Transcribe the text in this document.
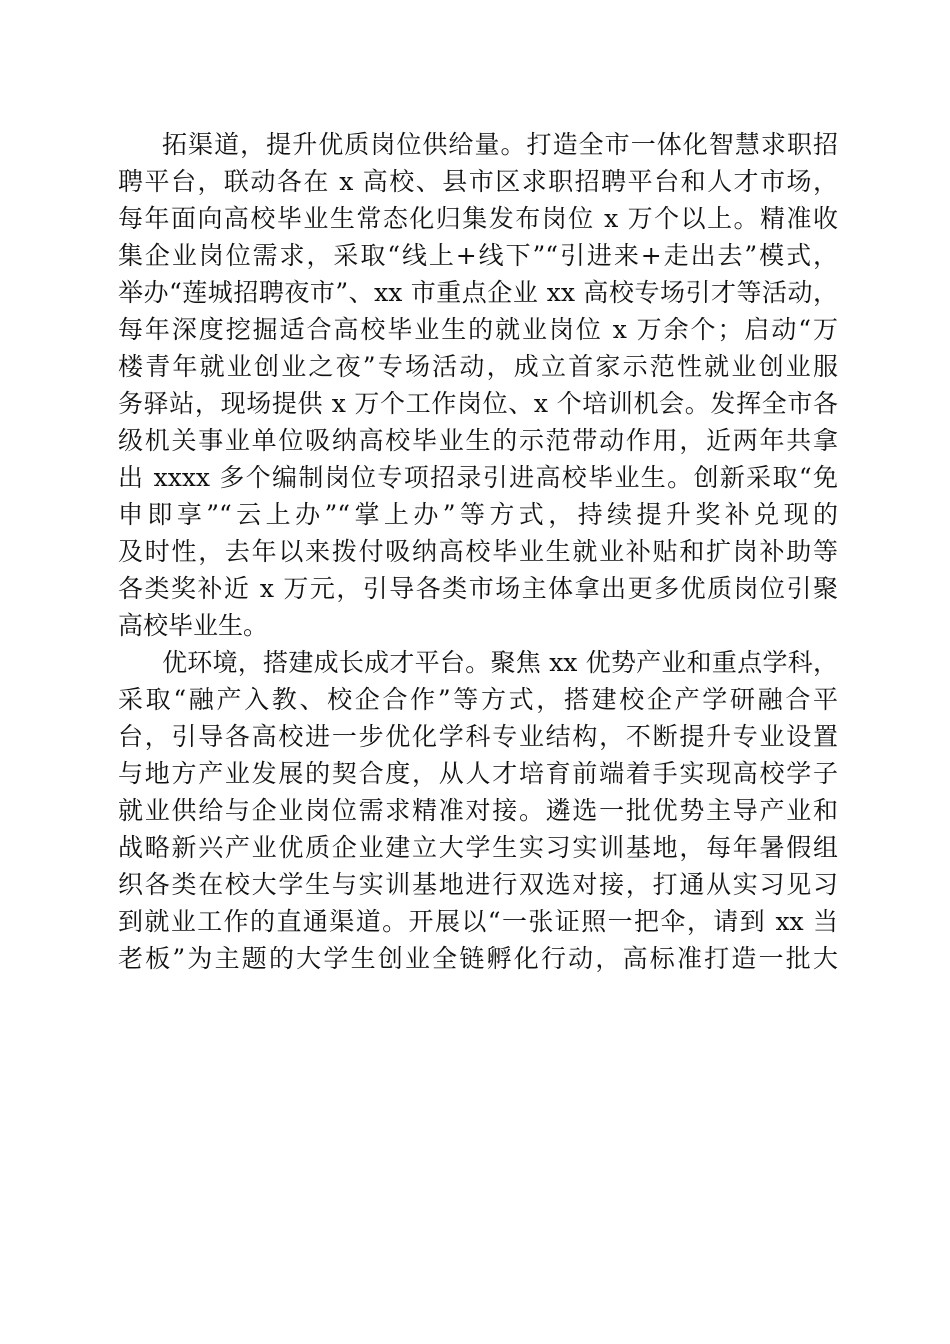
拓渠道，提升优质岗位供给量。打造全市一体化智慧求职招
聘平台，联动各在 x 高校、县市区求职招聘平台和人才市场，
每年面向高校毕业生常态化归集发布岗位 x 万个以上。精准收
集企业岗位需求，采取“线上+线下”“引进来+走出去”模式，
举办“莲城招聘夜市”、xx 市重点企业 xx 高校专场引才等活动，
每年深度挖掘适合高校毕业生的就业岗位 x 万余个；启动“万
楼青年就业创业之夜”专场活动，成立首家示范性就业创业服
务驿站，现场提供 x 万个工作岗位、x 个培训机会。发挥全市各
级机关事业单位吸纳高校毕业生的示范带动作用，近两年共拿
出 xxxx 多个编制岗位专项招录引进高校毕业生。创新采取“免
申即享”“云上办”“掌上办”等方式，持续提升奖补兑现的
及时性，去年以来拨付吸纳高校毕业生就业补贴和扩岗补助等
各类奖补近 x 万元，引导各类市场主体拿出更多优质岗位引聚
高校毕业生。
优环境，搭建成长成才平台。聚焦 xx 优势产业和重点学科，
采取“融产入教、校企合作”等方式，搭建校企产学研融合平
台，引导各高校进一步优化学科专业结构，不断提升专业设置
与地方产业发展的契合度，从人才培育前端着手实现高校学子
就业供给与企业岗位需求精准对接。遴选一批优势主导产业和
战略新兴产业优质企业建立大学生实习实训基地，每年暑假组
织各类在校大学生与实训基地进行双选对接，打通从实习见习
到就业工作的直通渠道。开展以“一张证照一把伞，请到 xx 当
老板”为主题的大学生创业全链孵化行动，高标准打造一批大
